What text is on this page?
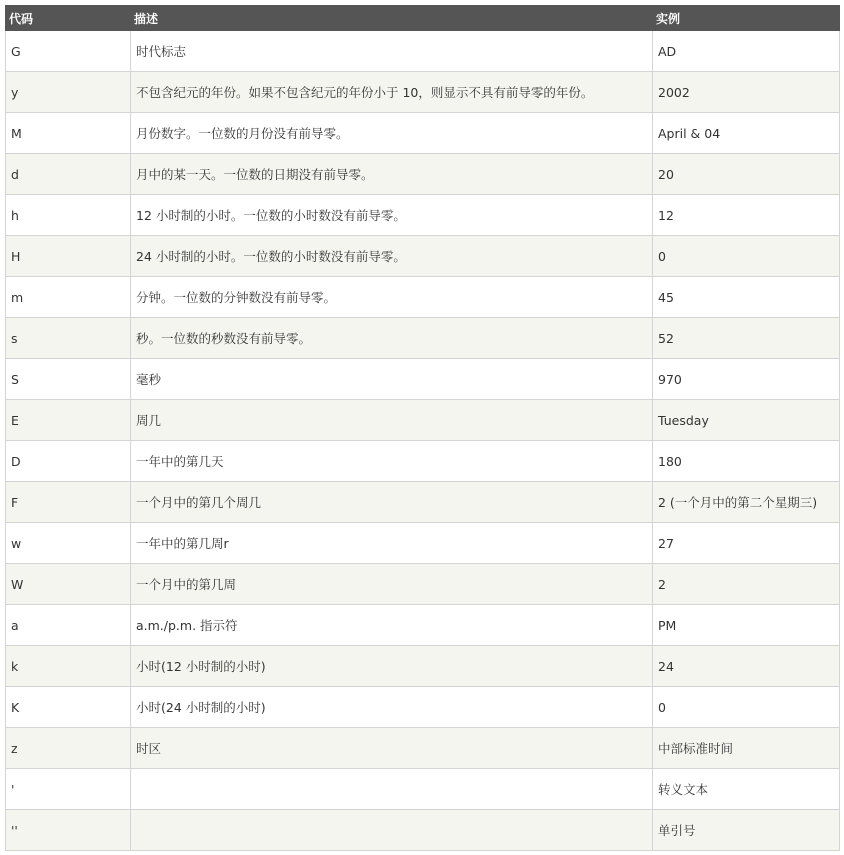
代码	描述	实例
G	时代标志	AD
y	不包含纪元的年份。如果不包含纪元的年份小于 10，则显示不具有前导零的年份。	2002
M	月份数字。一位数的月份没有前导零。	April & 04
d	月中的某一天。一位数的日期没有前导零。	20
h	12 小时制的小时。一位数的小时数没有前导零。	12
H	24 小时制的小时。一位数的小时数没有前导零。	0
m	分钟。一位数的分钟数没有前导零。	45
s	秒。一位数的秒数没有前导零。	52
S	毫秒	970
E	周几	Tuesday
D	一年中的第几天	180
F	一个月中的第几个周几	2 (一个月中的第二个星期三)
w	一年中的第几周r	27
W	一个月中的第几周	2
a	a.m./p.m. 指示符	PM
k	小时(12 小时制的小时)	24
K	小时(24 小时制的小时)	0
z	时区	中部标准时间
'		转义文本
''		单引号
